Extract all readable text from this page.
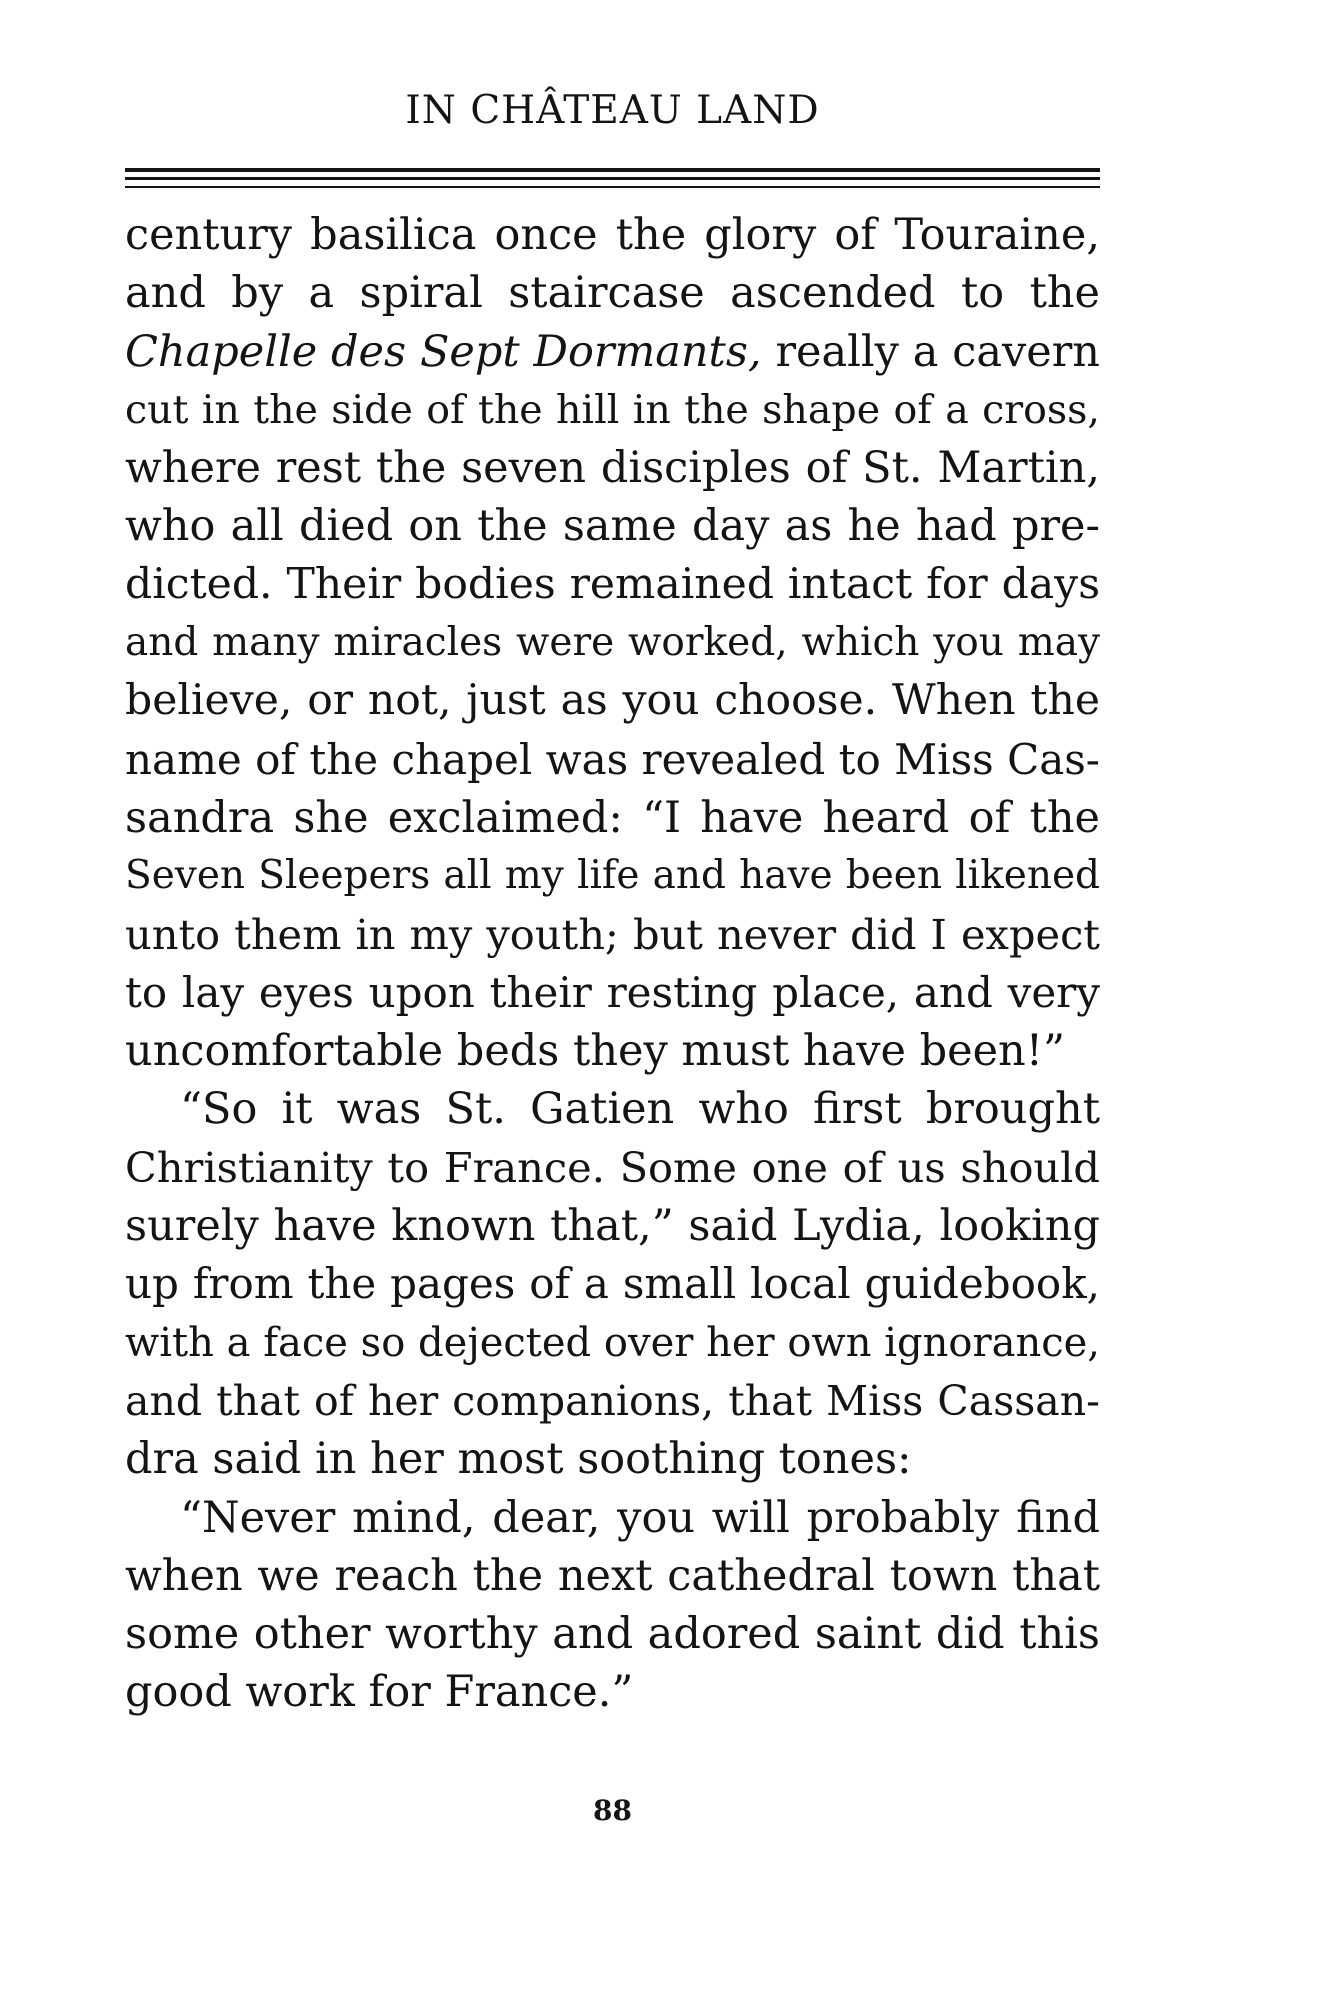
IN CHÂTEAU LAND
century basilica once the glory of Touraine,
and by a spiral staircase ascended to the
Chapelle des Sept Dormants, really a cavern
cut in the side of the hill in the shape of a cross,
where rest the seven disciples of St. Martin,
who all died on the same day as he had pre-
dicted. Their bodies remained intact for days
and many miracles were worked, which you may
believe, or not, just as you choose. When the
name of the chapel was revealed to Miss Cas-
sandra she exclaimed: “I have heard of the
Seven Sleepers all my life and have been likened
unto them in my youth; but never did I expect
to lay eyes upon their resting place, and very
uncomfortable beds they must have been!”
“So it was St. Gatien who first brought
Christianity to France. Some one of us should
surely have known that,” said Lydia, looking
up from the pages of a small local guidebook,
with a face so dejected over her own ignorance,
and that of her companions, that Miss Cassan-
dra said in her most soothing tones:
“Never mind, dear, you will probably find
when we reach the next cathedral town that
some other worthy and adored saint did this
good work for France.”
88
